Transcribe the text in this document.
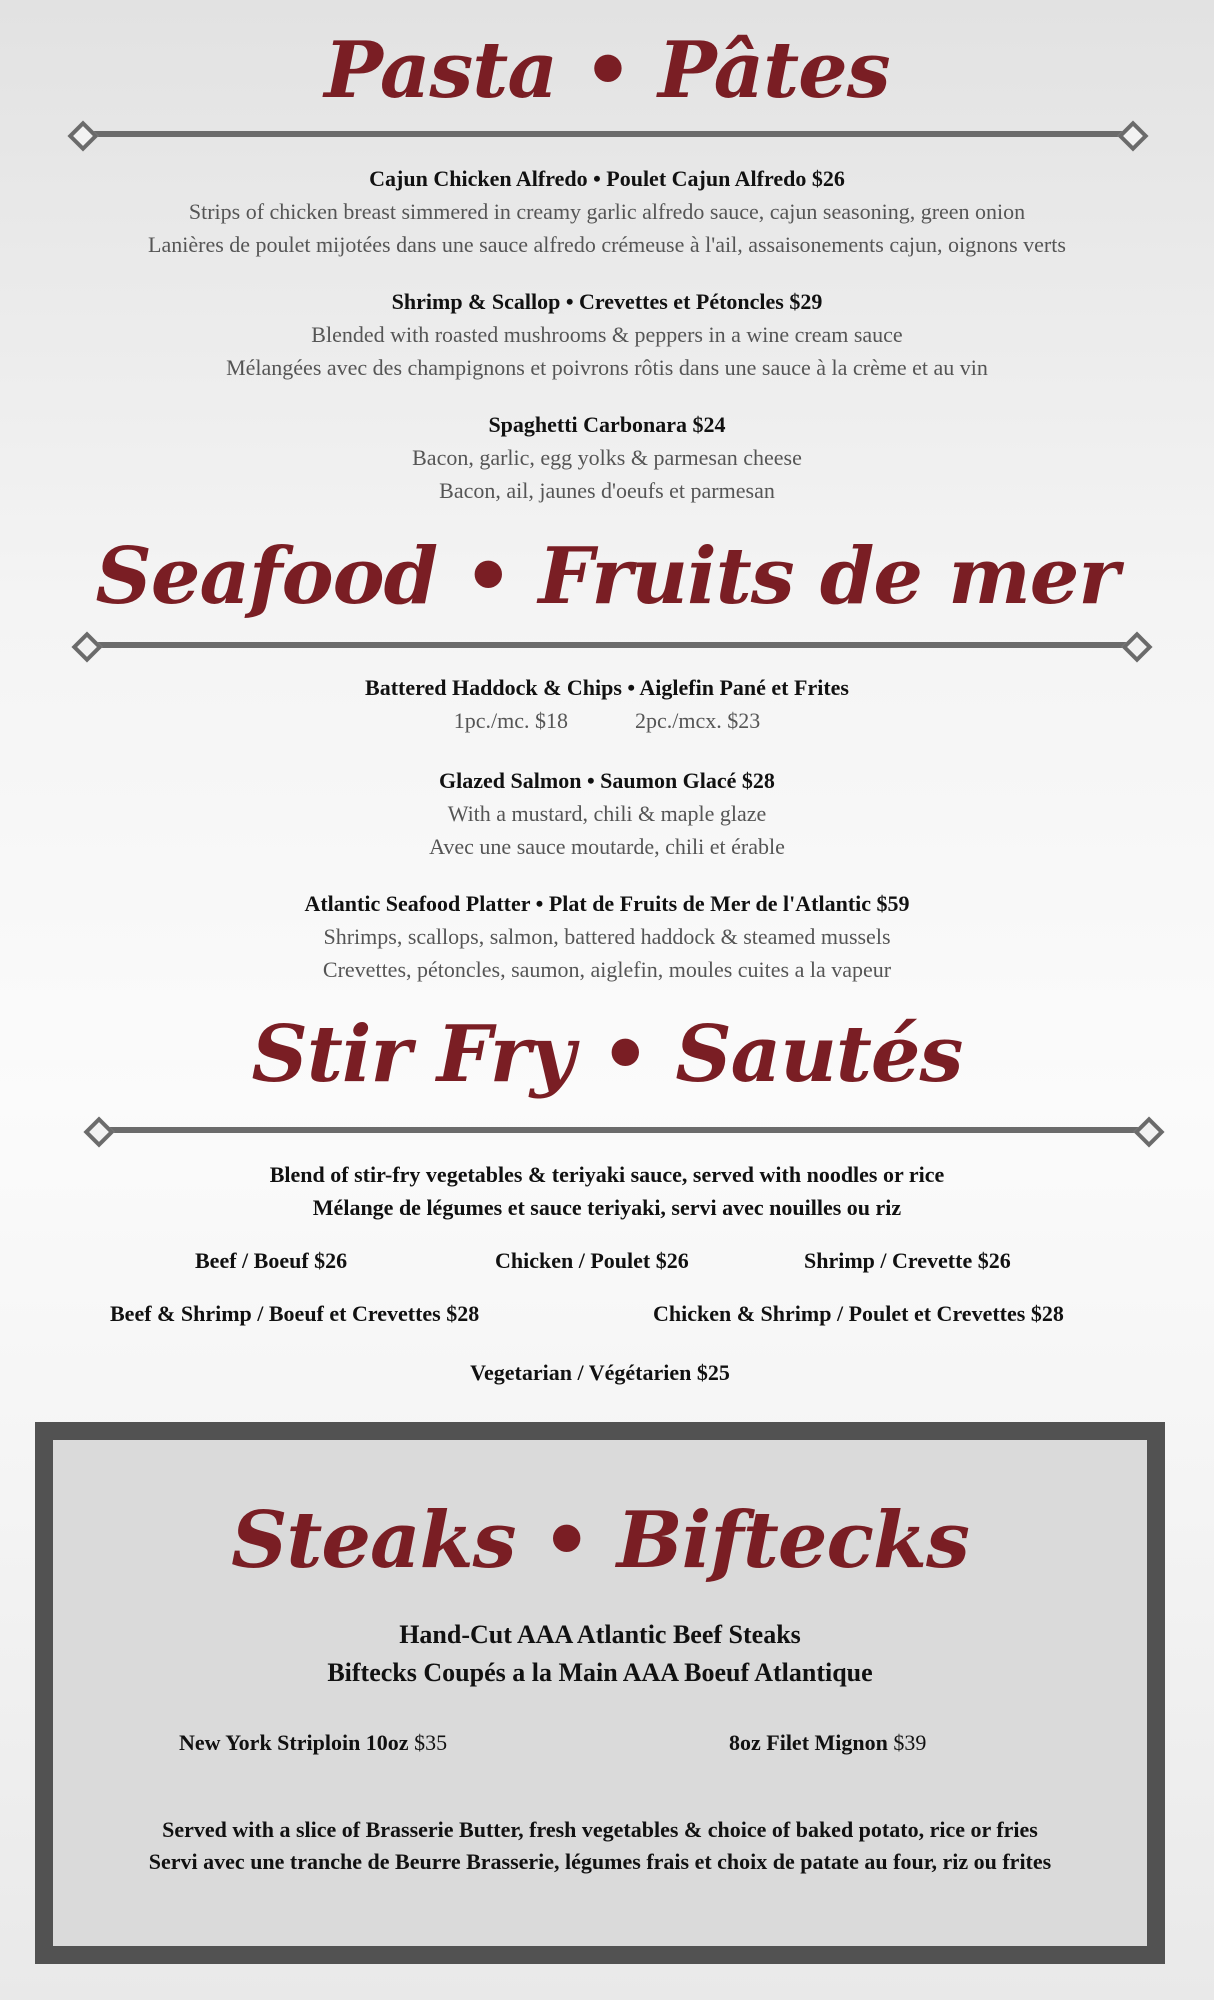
Pasta • Pâtes
Cajun Chicken Alfredo • Poulet Cajun Alfredo $26
Strips of chicken breast simmered in creamy garlic alfredo sauce, cajun seasoning, green onion
Lanières de poulet mijotées dans une sauce alfredo crémeuse à l'ail, assaisonements cajun, oignons verts
Shrimp & Scallop • Crevettes et Pétoncles $29
Blended with roasted mushrooms & peppers in a wine cream sauce
Mélangées avec des champignons et poivrons rôtis dans une sauce à la crème et au vin
Spaghetti Carbonara $24
Bacon, garlic, egg yolks & parmesan cheese
Bacon, ail, jaunes d'oeufs et parmesan
Seafood • Fruits de mer
Battered Haddock & Chips • Aiglefin Pané et Frites
1pc./mc. $18	2pc./mcx. $23
Glazed Salmon • Saumon Glacé $28
With a mustard, chili & maple glaze
Avec une sauce moutarde, chili et érable
Atlantic Seafood Platter • Plat de Fruits de Mer de l'Atlantic $59
Shrimps, scallops, salmon, battered haddock & steamed mussels
Crevettes, pétoncles, saumon, aiglefin, moules cuites a la vapeur
Stir Fry • Sautés
Blend of stir-fry vegetables & teriyaki sauce, served with noodles or rice
Mélange de légumes et sauce teriyaki, servi avec nouilles ou riz
Beef / Boeuf $26	Chicken / Poulet $26	Shrimp / Crevette $26
Beef & Shrimp / Boeuf et Crevettes $28	Chicken & Shrimp / Poulet et Crevettes $28
Vegetarian / Végétarien $25
Steaks • Biftecks
Hand-Cut AAA Atlantic Beef Steaks
Biftecks Coupés a la Main AAA Boeuf Atlantique
New York Striploin 10oz $35	8oz Filet Mignon $39
Served with a slice of Brasserie Butter, fresh vegetables & choice of baked potato, rice or fries
Servi avec une tranche de Beurre Brasserie, légumes frais et choix de patate au four, riz ou frites
